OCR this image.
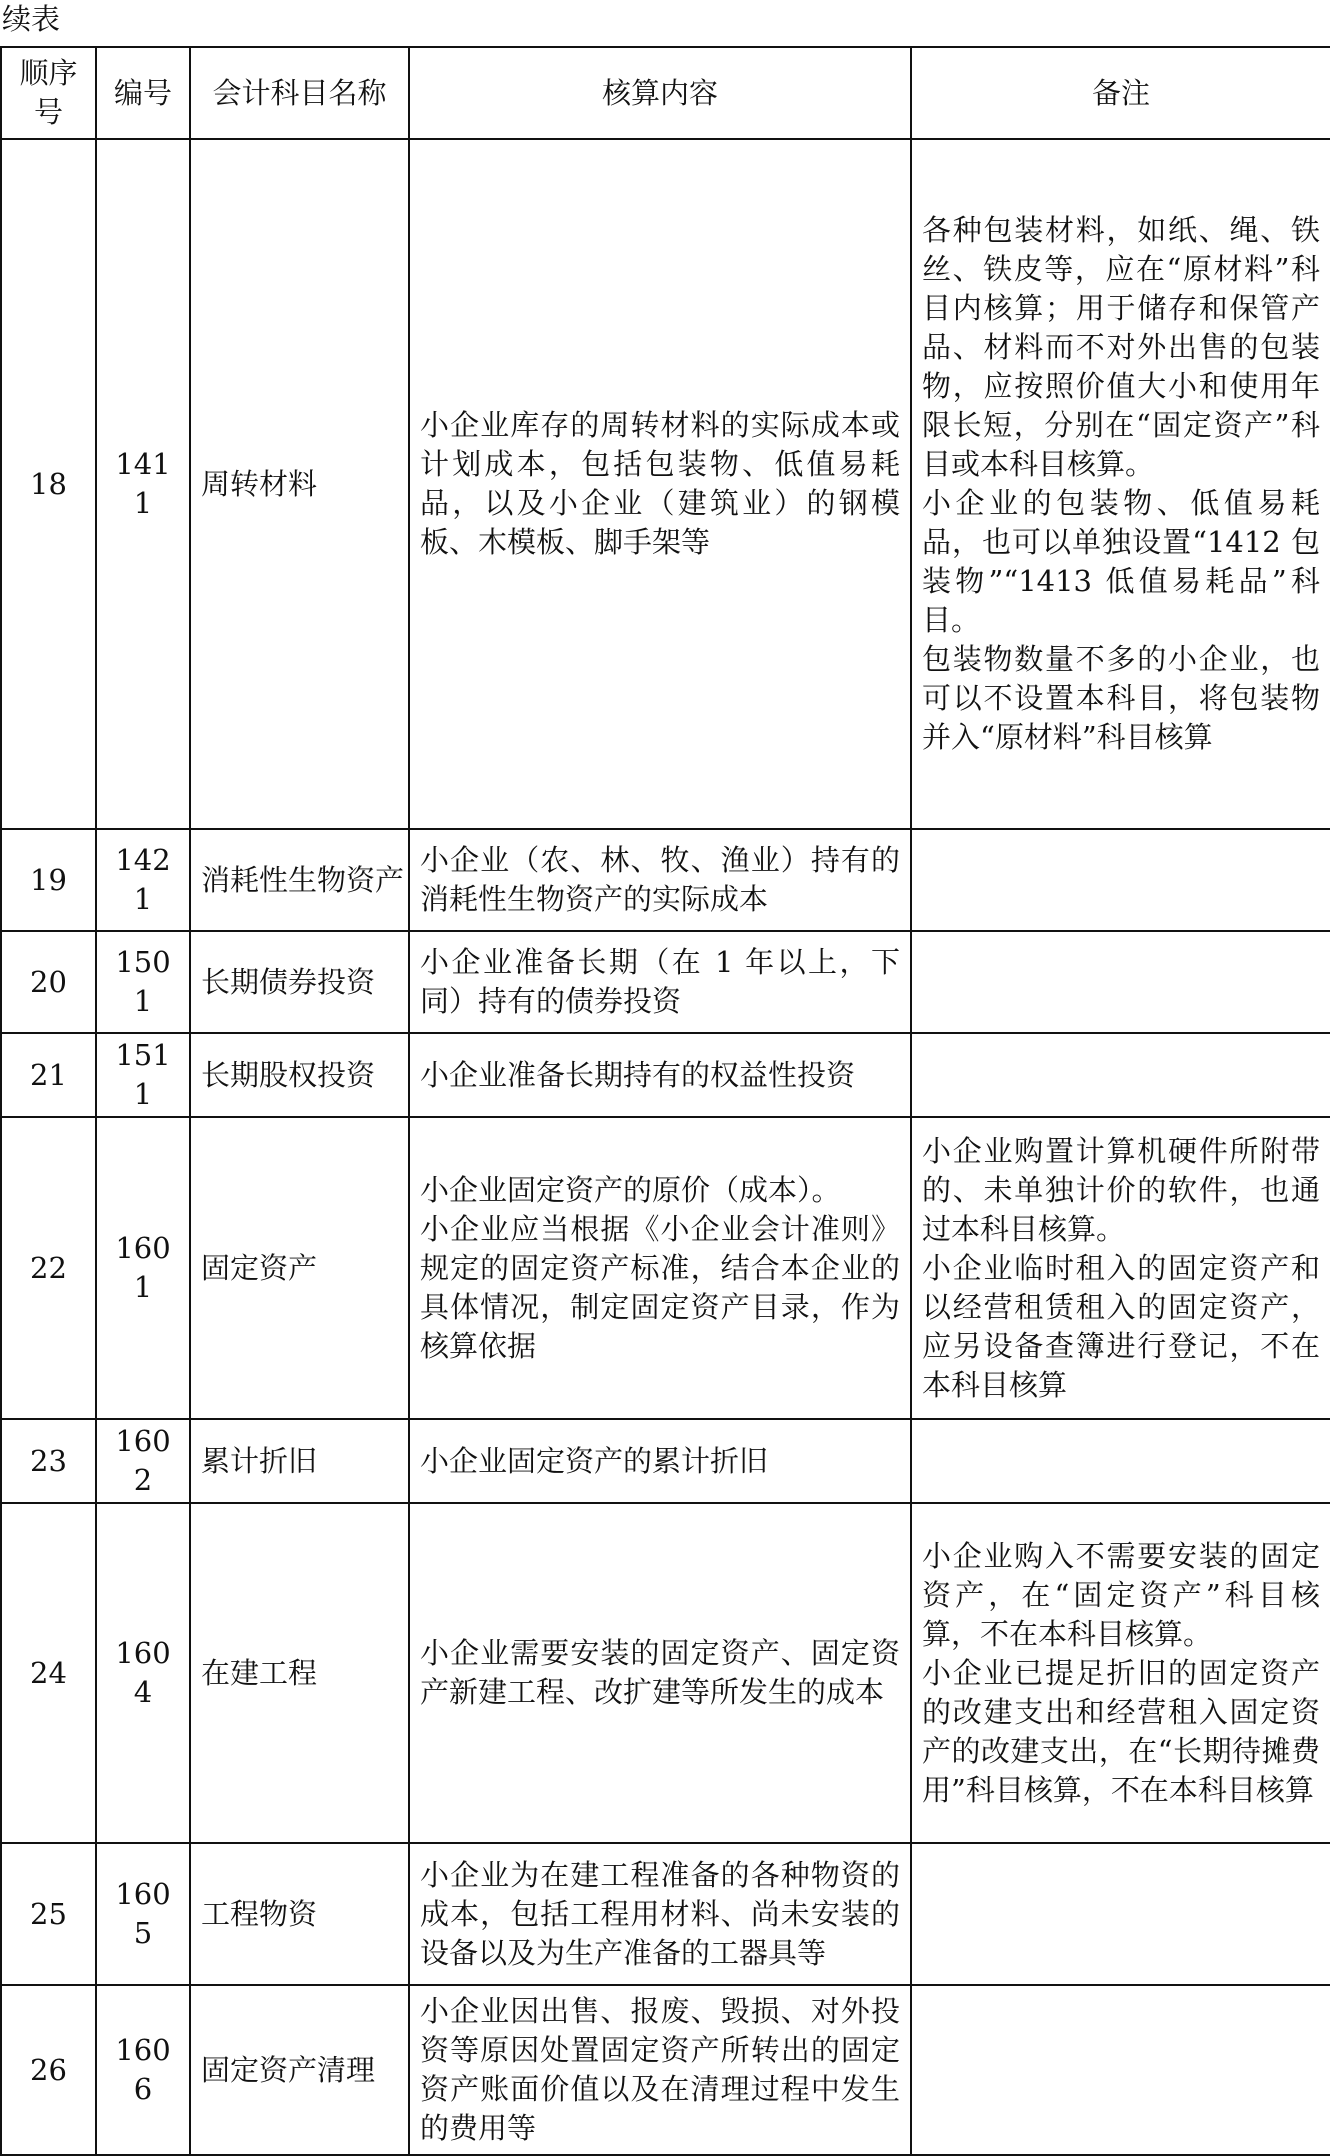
续表
顺序号	编号	会计科目名称	核算内容	备注
18	1411	周转材料	小企业库存的周转材料的实际成本或计划成本，包括包装物、低值易耗品，以及小企业（建筑业）的钢模板、木模板、脚手架等	各种包装材料，如纸、绳、铁丝、铁皮等，应在“原材料”科目内核算；用于储存和保管产品、材料而不对外出售的包装物，应按照价值大小和使用年限长短，分别在“固定资产”科目或本科目核算。
小企业的包装物、低值易耗品，也可以单独设置“1412 包装物”“1413 低值易耗品”科目。
包装物数量不多的小企业，也可以不设置本科目，将包装物并入“原材料”科目核算
19	1421	消耗性生物资产	小企业（农、林、牧、渔业）持有的消耗性生物资产的实际成本	
20	1501	长期债券投资	小企业准备长期（在 1 年以上，下同）持有的债券投资	
21	1511	长期股权投资	小企业准备长期持有的权益性投资	
22	1601	固定资产	小企业固定资产的原价（成本）。
小企业应当根据《小企业会计准则》规定的固定资产标准，结合本企业的具体情况，制定固定资产目录，作为核算依据	小企业购置计算机硬件所附带的、未单独计价的软件，也通过本科目核算。
小企业临时租入的固定资产和以经营租赁租入的固定资产，应另设备查簿进行登记，不在本科目核算
23	1602	累计折旧	小企业固定资产的累计折旧	
24	1604	在建工程	小企业需要安装的固定资产、固定资产新建工程、改扩建等所发生的成本	小企业购入不需要安装的固定资产，在“固定资产”科目核算，不在本科目核算。
小企业已提足折旧的固定资产的改建支出和经营租入固定资产的改建支出，在“长期待摊费用”科目核算，不在本科目核算
25	1605	工程物资	小企业为在建工程准备的各种物资的成本，包括工程用材料、尚未安装的设备以及为生产准备的工器具等	
26	1606	固定资产清理	小企业因出售、报废、毁损、对外投资等原因处置固定资产所转出的固定资产账面价值以及在清理过程中发生的费用等	
